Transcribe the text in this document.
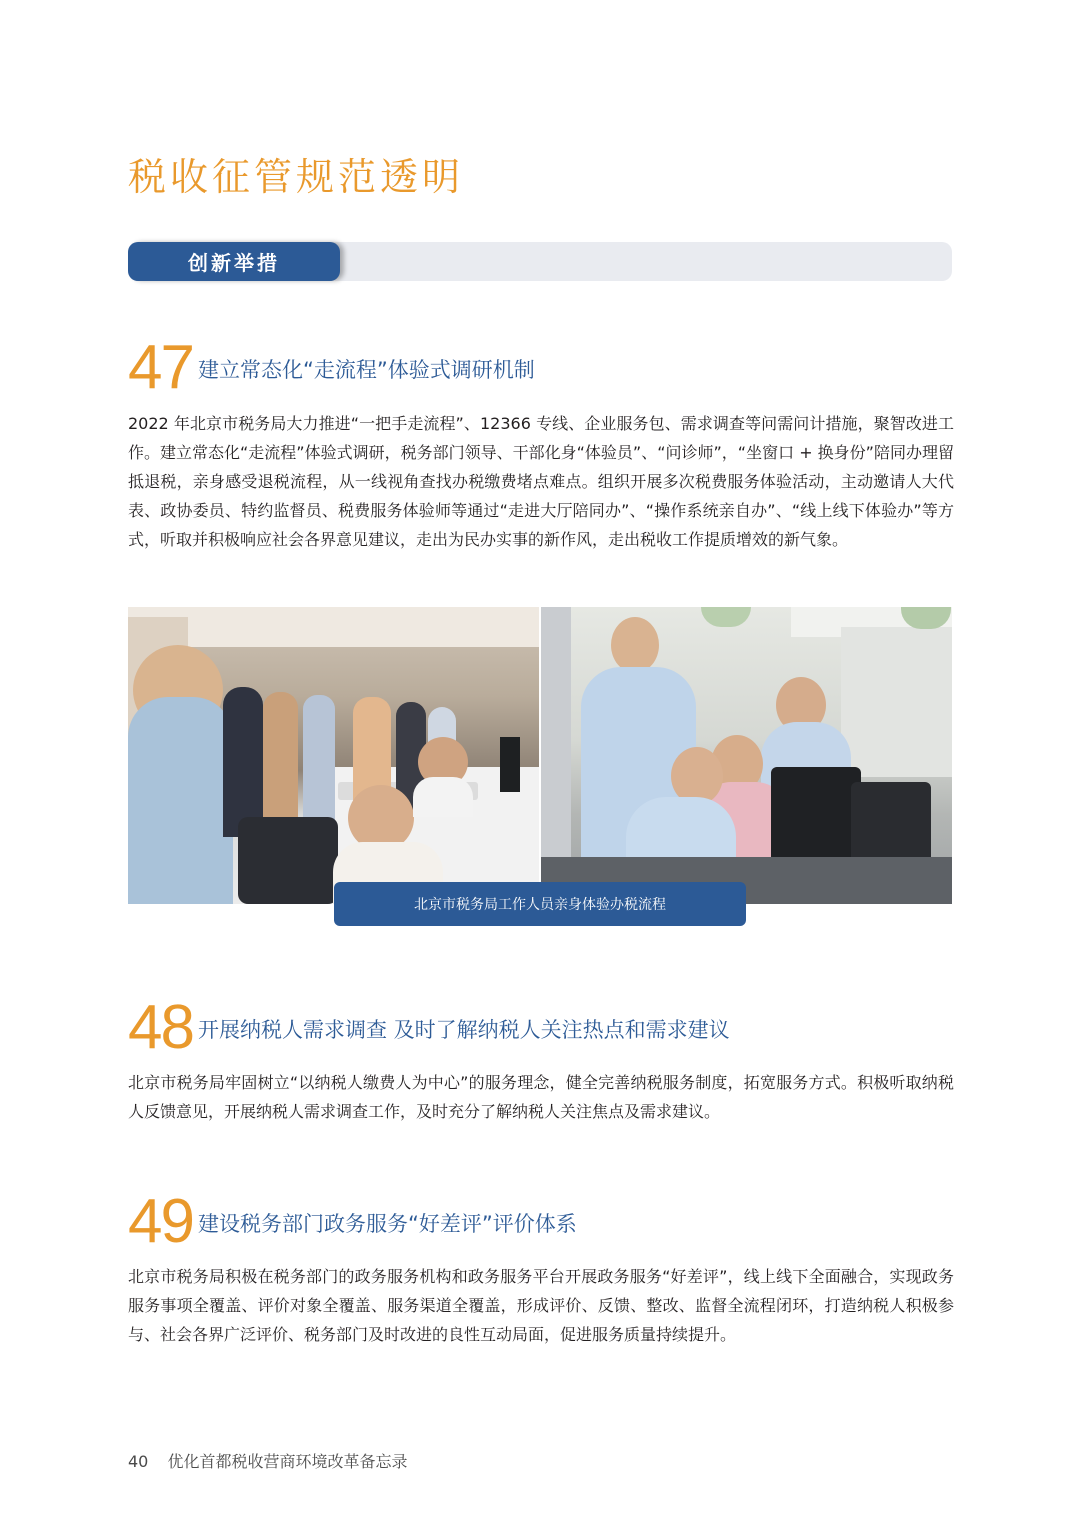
税收征管规范透明
创新举措
47 建立常态化“走流程”体验式调研机制

2022 年北京市税务局大力推进“一把手走流程”、12366 专线、企业服务包、需求调查等问需问计措施，聚智改进工作。建立常态化“走流程”体验式调研，税务部门领导、干部化身“体验员”、“问诊师”，“坐窗口 + 换身份”陪同办理留抵退税，亲身感受退税流程，从一线视角查找办税缴费堵点难点。组织开展多次税费服务体验活动，主动邀请人大代表、政协委员、特约监督员、税费服务体验师等通过“走进大厅陪同办”、“操作系统亲自办”、“线上线下体验办”等方式，听取并积极响应社会各界意见建议，走出为民办实事的新作风，走出税收工作提质增效的新气象。

北京市税务局工作人员亲身体验办税流程
48 开展纳税人需求调查 及时了解纳税人关注热点和需求建议

北京市税务局牢固树立“以纳税人缴费人为中心”的服务理念，健全完善纳税服务制度，拓宽服务方式。积极听取纳税人反馈意见，开展纳税人需求调查工作，及时充分了解纳税人关注焦点及需求建议。

49 建设税务部门政务服务“好差评”评价体系

北京市税务局积极在税务部门的政务服务机构和政务服务平台开展政务服务“好差评”，线上线下全面融合，实现政务服务事项全覆盖、评价对象全覆盖、服务渠道全覆盖，形成评价、反馈、整改、监督全流程闭环，打造纳税人积极参与、社会各界广泛评价、税务部门及时改进的良性互动局面，促进服务质量持续提升。

40 优化首都税收营商环境改革备忘录
